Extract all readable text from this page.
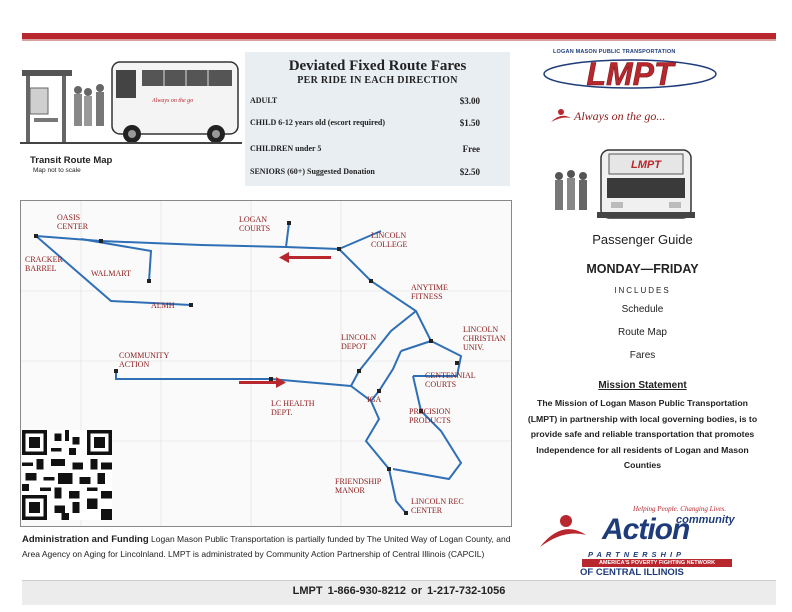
Always on the go
Transit Route Map
Map not to scale
Deviated Fixed Route Fares
PER RIDE IN EACH DIRECTION
ADULT	$3.00
CHILD 6-12 years old (escort required)	$1.50
CHILDREN under 5	Free
SENIORS (60+) Suggested Donation	$2.50
OASIS
CENTER
LOGAN
COURTS
LINCOLN
COLLEGE
CRACKER
BARREL
WALMART
ANYTIME
FITNESS
ALMH
LINCOLN
CHRISTIAN
UNIV.
LINCOLN
DEPOT
COMMUNITY
ACTION
CENTENNIAL
COURTS
LC HEALTH
DEPT.
IGA
PRECISION
PRODUCTS
FRIENDSHIP
MANOR
LINCOLN REC
CENTER
Administration and Funding Logan Mason Public Transportation is partially funded by The United Way of Logan County, and Area Agency on Aging for Lincolnland. LMPT is administrated by Community Action Partnership of Central Illinois (CAPCIL)
LOGAN MASON PUBLIC TRANSPORTATION
LMPT
Always on the go...
LMPT
Passenger Guide
MONDAY—FRIDAY
INCLUDES
Schedule
Route Map
Fares
Mission Statement
The Mission of Logan Mason Public Transportation (LMPT) in partnership with local governing bodies, is to provide safe and reliable transportation that promotes Independence for all residents of Logan and Mason Counties
Helping People. Changing Lives.
community
Action
PARTNERSHIP
AMERICA'S POVERTY FIGHTING NETWORK
OF CENTRAL ILLINOIS
LMPT 1-866-930-8212 or 1-217-732-1056
